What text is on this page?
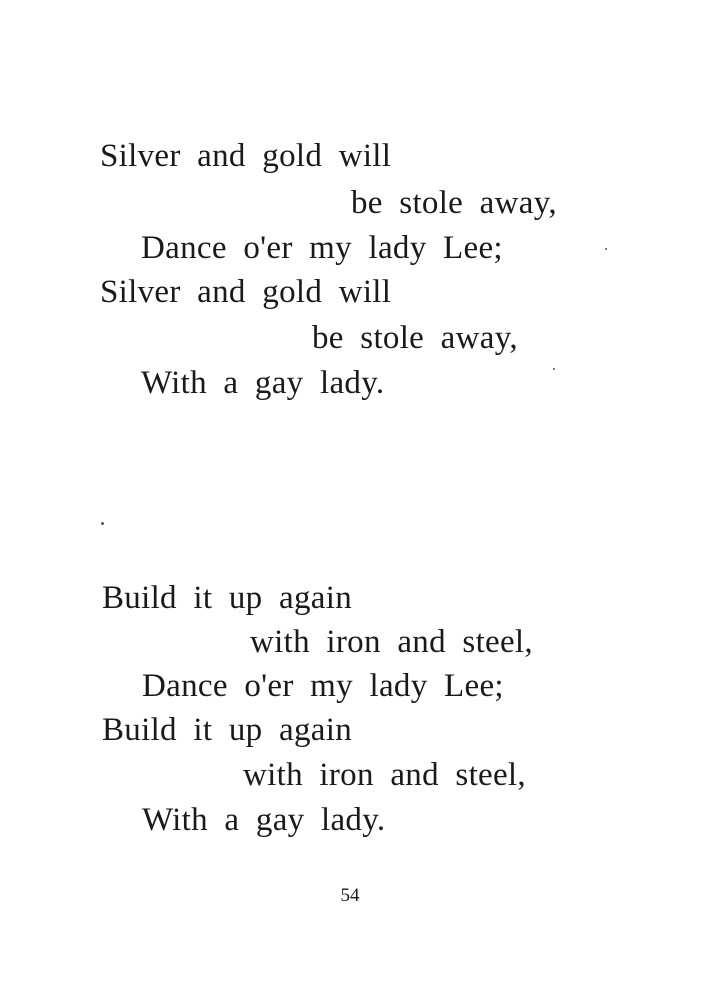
Silver and gold will
be stole away,
Dance o'er my lady Lee;
Silver and gold will
be stole away,
With a gay lady.
Build it up again
with iron and steel,
Dance o'er my lady Lee;
Build it up again
with iron and steel,
With a gay lady.
54
